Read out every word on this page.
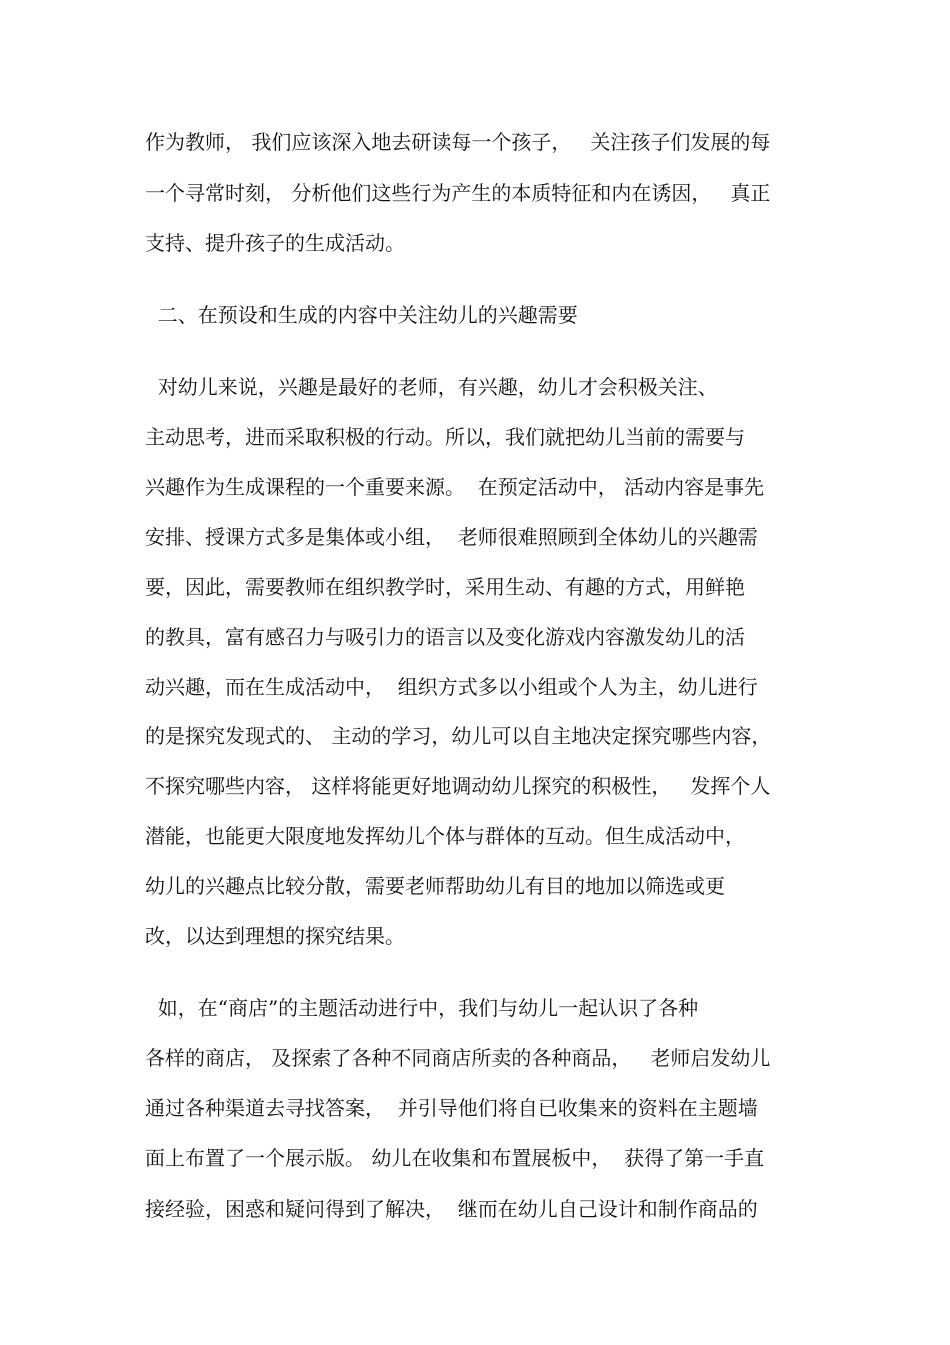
作为教师， 我们应该深入地去研读每一个孩子，   关注孩子们发展的每
一个寻常时刻， 分析他们这些行为产生的本质特征和内在诱因，   真正
支持、提升孩子的生成活动。
二、在预设和生成的内容中关注幼儿的兴趣需要
对幼儿来说，兴趣是最好的老师，有兴趣，幼儿才会积极关注、
主动思考，进而采取积极的行动。所以，我们就把幼儿当前的需要与
兴趣作为生成课程的一个重要来源。  在预定活动中， 活动内容是事先
安排、授课方式多是集体或小组，  老师很难照顾到全体幼儿的兴趣需
要，因此，需要教师在组织教学时，采用生动、有趣的方式，用鲜艳
的教具，富有感召力与吸引力的语言以及变化游戏内容激发幼儿的活
动兴趣，而在生成活动中，  组织方式多以小组或个人为主，幼儿进行
的是探究发现式的、 主动的学习，幼儿可以自主地决定探究哪些内容，
不探究哪些内容， 这样将能更好地调动幼儿探究的积极性，   发挥个人
潜能，也能更大限度地发挥幼儿个体与群体的互动。但生成活动中，
幼儿的兴趣点比较分散，需要老师帮助幼儿有目的地加以筛选或更
改，以达到理想的探究结果。
如，在“商店”的主题活动进行中，我们与幼儿一起认识了各种
各样的商店， 及探索了各种不同商店所卖的各种商品，   老师启发幼儿
通过各种渠道去寻找答案，  并引导他们将自已收集来的资料在主题墙
面上布置了一个展示版。 幼儿在收集和布置展板中，  获得了第一手直
接经验，困惑和疑问得到了解决，  继而在幼儿自己设计和制作商品的
